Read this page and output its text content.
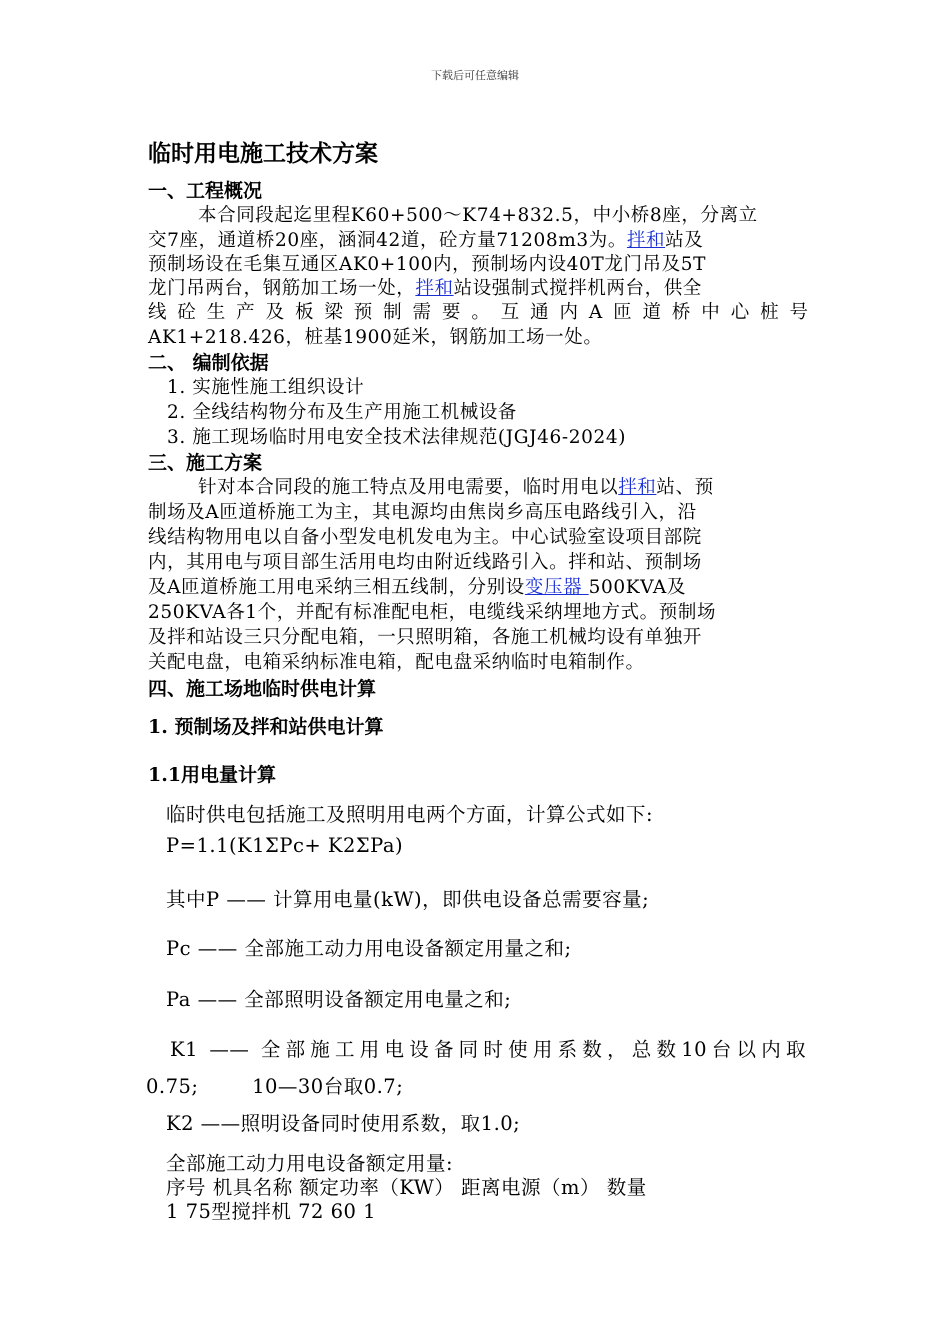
下载后可任意编辑
临时用电施工技术方案
一、工程概况
本合同段起迄里程K60+500～K74+832.5，中小桥8座，分离立
交7座，通道桥20座，涵洞42道，砼方量71208m3为。拌和站及
预制场设在毛集互通区AK0+100内，预制场内设40T龙门吊及5T
龙门吊两台，钢筋加工场一处，拌和站设强制式搅拌机两台，供全
线砼生产及板梁预制需要。互通内A匝道桥中心桩号
AK1+218.426，桩基1900延米，钢筋加工场一处。
二、 编制依据
1. 实施性施工组织设计
2. 全线结构物分布及生产用施工机械设备
3. 施工现场临时用电安全技术法律规范(JGJ46-2024)
三、施工方案
针对本合同段的施工特点及用电需要，临时用电以拌和站、预
制场及A匝道桥施工为主，其电源均由焦岗乡高压电路线引入，沿
线结构物用电以自备小型发电机发电为主。中心试验室设项目部院
内，其用电与项目部生活用电均由附近线路引入。拌和站、预制场
及A匝道桥施工用电采纳三相五线制，分别设变压器 500KVA及
250KVA各1个，并配有标准配电柜，电缆线采纳埋地方式。预制场
及拌和站设三只分配电箱，一只照明箱，各施工机械均设有单独开
关配电盘，电箱采纳标准电箱，配电盘采纳临时电箱制作。
四、施工场地临时供电计算
1. 预制场及拌和站供电计算
1.1用电量计算
临时供电包括施工及照明用电两个方面，计算公式如下:
P=1.1(K1ΣPc+ K2ΣPa)
其中P —— 计算用电量(kW)，即供电设备总需要容量;
Pc —— 全部施工动力用电设备额定用量之和;
Pa —— 全部照明设备额定用电量之和;
K1 —— 全部施工用电设备同时使用系数，总数10台以内取
0.75;        10—30台取0.7;
K2 ——照明设备同时使用系数，取1.0;
全部施工动力用电设备额定用量:
序号 机具名称 额定功率（KW） 距离电源（m） 数量
1 75型搅拌机 72 60 1
